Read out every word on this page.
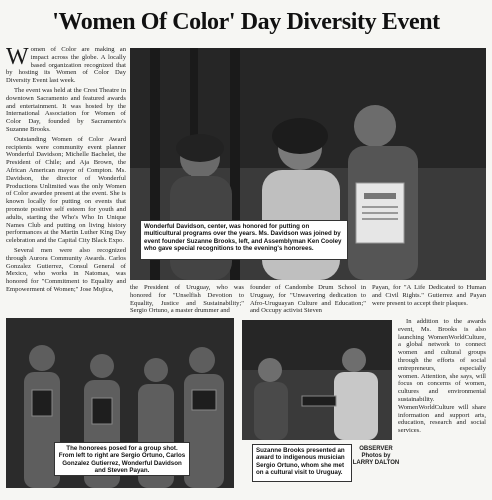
'Women Of Color' Day Diversity Event

Women of Color are making an impact across the globe. A locally based organization recognized that by hosting its Women of Color Day Diversity Event last week.

The event was held at the Crest Theatre in downtown Sacramento and featured awards and entertainment. It was hosted by the International Association for Women of Color Day, founded by Sacramento's Suzanne Brooks.

Outstanding Women of Color Award recipients were community event planner Wonderful Davidson; Michelle Bachelet, the President of Chile; and Aja Brown, the African American mayor of Compton. Ms. Davidson, the director of Wonderful Productions Unlimited was the only Women of Color awardee present at the event. She is known locally for putting on events that promote positive self esteem for youth and adults, starting the Who's Who In Unique Names Club and putting on living history performances at the Martin Luther King Day celebration and the Capital City Black Expo.

Several men were also recognized through Aurora Community Awards. Carlos Gonzalez Gutierrez, Consul General of Mexico, who works in Natomas, was honored for "Commitment to Equality and Empowerment of Women;" Jose Mujica,

Wonderful Davidson, center, was honored for putting on multicultural programs over the years. Ms. Davidson was joined by event founder Suzanne Brooks, left, and Assemblyman Ken Cooley who gave special recognitions to the evening's honorees.
the President of Uruguay, who was honored for "Unselfish Devotion to Equality, Justice and Sustainability;" Sergio Ortuno, a master drummer and
founder of Candombe Drum School in Uruguay, for "Unwavering dedication to Afro-Uruguayan Culture and Education;" and Occupy activist Steven
Payan, for "A Life Dedicated to Human and Civil Rights." Gutierrez and Payan were present to accept their plaques.

In addition to the awards event, Ms. Brooks is also launching WomenWorldCulture, a global network to connect women and cultural groups through the efforts of social entrepreneurs, especially women. Attention, she says, will focus on concerns of women, cultures and environmental sustainability. WomenWorldCulture will share information and support arts, education, research and social services.

The honorees posed for a group shot. From left to right are Sergio Ortuno, Carlos Gonzalez Gutierrez, Wonderful Davidson and Steven Payan.
Suzanne Brooks presented an award to indigenous musician Sergio Ortuno, whom she met on a cultural visit to Uruguay.
OBSERVER
Photos by
LARRY DALTON
